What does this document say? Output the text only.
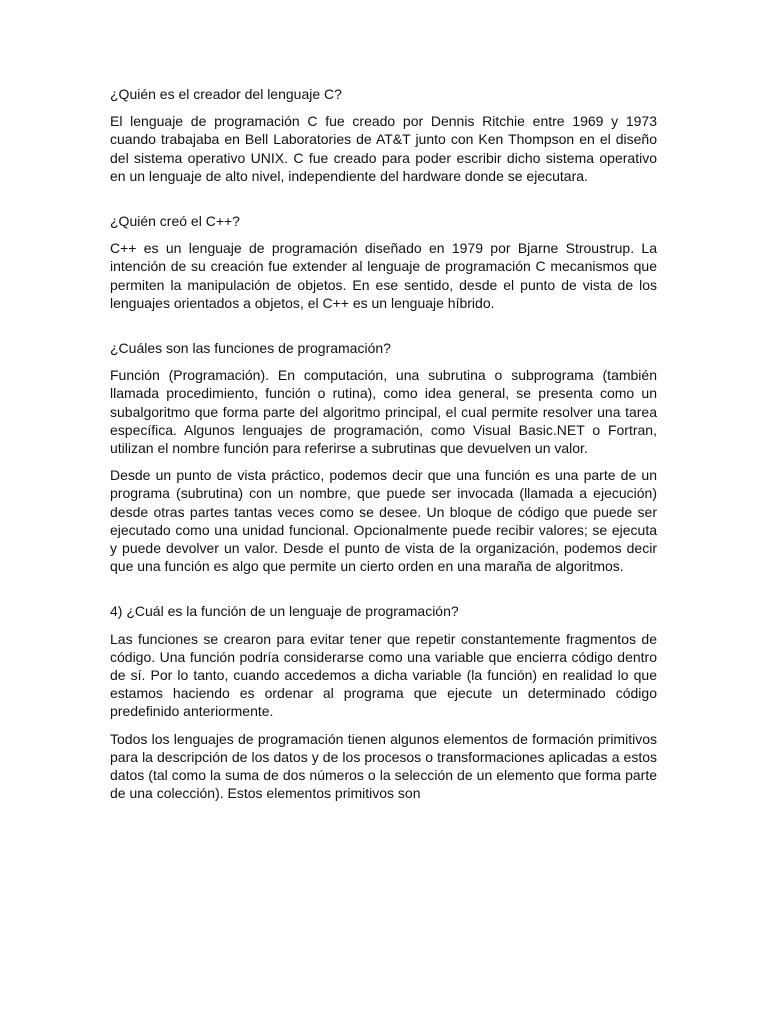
¿Quién es el creador del lenguaje C?

El lenguaje de programación C fue creado por Dennis Ritchie entre 1969 y 1973 cuando trabajaba en Bell Laboratories de AT&T junto con Ken Thompson en el diseño del sistema operativo UNIX. C fue creado para poder escribir dicho sistema operativo en un lenguaje de alto nivel, independiente del hardware donde se ejecutara.

¿Quién creó el C++?

C++ es un lenguaje de programación diseñado en 1979 por Bjarne Stroustrup. La intención de su creación fue extender al lenguaje de programación C mecanismos que permiten la manipulación de objetos. En ese sentido, desde el punto de vista de los lenguajes orientados a objetos, el C++ es un lenguaje híbrido.

¿Cuáles son las funciones de programación?

Función (Programación). En computación, una subrutina o subprograma (también llamada procedimiento, función o rutina), como idea general, se presenta como un subalgoritmo que forma parte del algoritmo principal, el cual permite resolver una tarea específica. Algunos lenguajes de programación, como Visual Basic.NET o Fortran, utilizan el nombre función para referirse a subrutinas que devuelven un valor.

Desde un punto de vista práctico, podemos decir que una función es una parte de un programa (subrutina) con un nombre, que puede ser invocada (llamada a ejecución) desde otras partes tantas veces como se desee. Un bloque de código que puede ser ejecutado como una unidad funcional. Opcionalmente puede recibir valores; se ejecuta y puede devolver un valor. Desde el punto de vista de la organización, podemos decir que una función es algo que permite un cierto orden en una maraña de algoritmos.

4) ¿Cuál es la función de un lenguaje de programación?

Las funciones se crearon para evitar tener que repetir constantemente fragmentos de código. Una función podría considerarse como una variable que encierra código dentro de sí. Por lo tanto, cuando accedemos a dicha variable (la función) en realidad lo que estamos haciendo es ordenar al programa que ejecute un determinado código predefinido anteriormente.

Todos los lenguajes de programación tienen algunos elementos de formación primitivos para la descripción de los datos y de los procesos o transformaciones aplicadas a estos datos (tal como la suma de dos números o la selección de un elemento que forma parte de una colección). Estos elementos primitivos son
